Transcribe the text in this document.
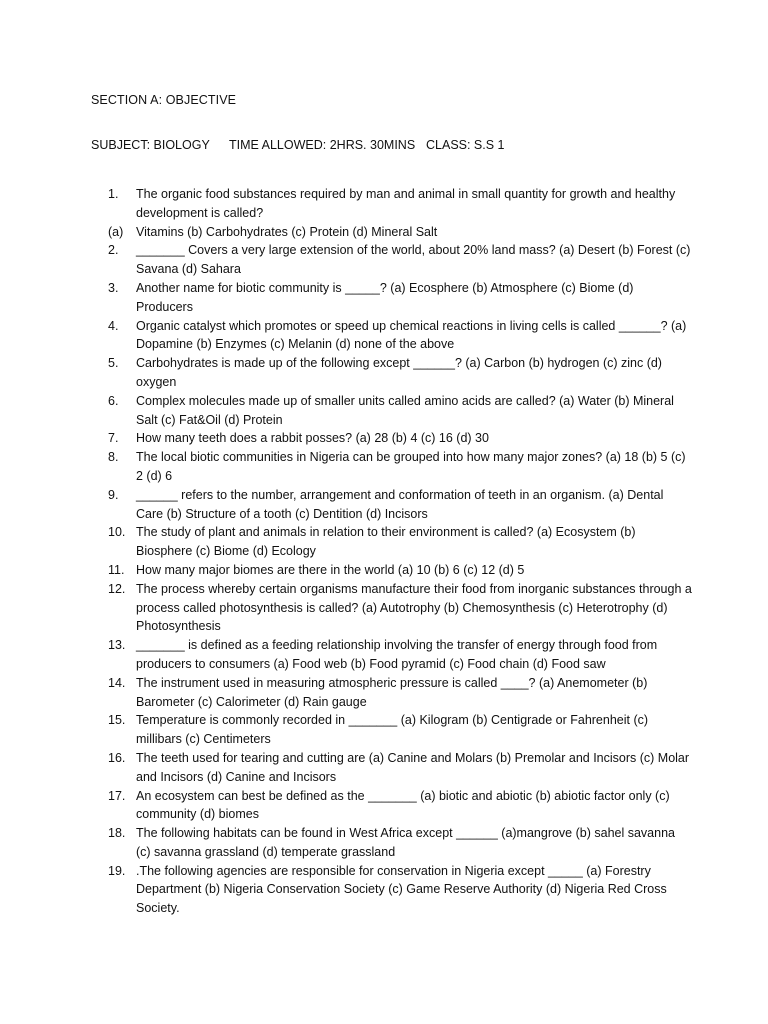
SECTION A: OBJECTIVE
SUBJECT: BIOLOGY TIME ALLOWED: 2HRS. 30MINS CLASS: S.S 1
1.	The organic food substances required by man and animal in small quantity for growth and healthy development is called?
(a)	Vitamins (b) Carbohydrates (c) Protein (d) Mineral Salt
2.	_______ Covers a very large extension of the world, about 20% land mass? (a) Desert (b) Forest (c) Savana (d) Sahara
3.	Another name for biotic community is _____? (a) Ecosphere (b) Atmosphere (c) Biome (d) Producers
4.	Organic catalyst which promotes or speed up chemical reactions in living cells is called ______? (a) Dopamine (b) Enzymes (c) Melanin (d) none of the above
5.	Carbohydrates is made up of the following except ______? (a) Carbon (b) hydrogen (c) zinc (d) oxygen
6.	Complex molecules made up of smaller units called amino acids are called? (a) Water (b) Mineral Salt (c) Fat&Oil (d) Protein
7.	How many teeth does a rabbit posses? (a) 28 (b) 4 (c) 16 (d) 30
8.	The local biotic communities in Nigeria can be grouped into how many major zones? (a) 18 (b) 5 (c) 2 (d) 6
9.	______ refers to the number, arrangement and conformation of teeth in an organism. (a) Dental Care (b) Structure of a tooth (c) Dentition (d) Incisors
10. The study of plant and animals in relation to their environment is called? (a) Ecosystem (b) Biosphere (c) Biome (d) Ecology
11. How many major biomes are there in the world (a) 10 (b) 6 (c) 12 (d) 5
12. The process whereby certain organisms manufacture their food from inorganic substances through a process called photosynthesis is called? (a) Autotrophy (b) Chemosynthesis (c) Heterotrophy (d) Photosynthesis
13. _______ is defined as a feeding relationship involving the transfer of energy through food from producers to consumers (a) Food web (b) Food pyramid (c) Food chain (d) Food saw
14. The instrument used in measuring atmospheric pressure is called ____? (a) Anemometer (b) Barometer (c) Calorimeter (d) Rain gauge
15. Temperature is commonly recorded in _______ (a) Kilogram (b) Centigrade or Fahrenheit (c) millibars (c) Centimeters
16. The teeth used for tearing and cutting are (a) Canine and Molars (b) Premolar and Incisors (c) Molar and Incisors (d) Canine and Incisors
17. An ecosystem can best be defined as the _______ (a) biotic and abiotic (b) abiotic factor only (c) community (d) biomes
18. The following habitats can be found in West Africa except ______ (a)mangrove (b) sahel savanna (c) savanna grassland (d) temperate grassland
19. .The following agencies are responsible for conservation in Nigeria except _____ (a) Forestry Department (b) Nigeria Conservation Society (c) Game Reserve Authority (d) Nigeria Red Cross Society.
